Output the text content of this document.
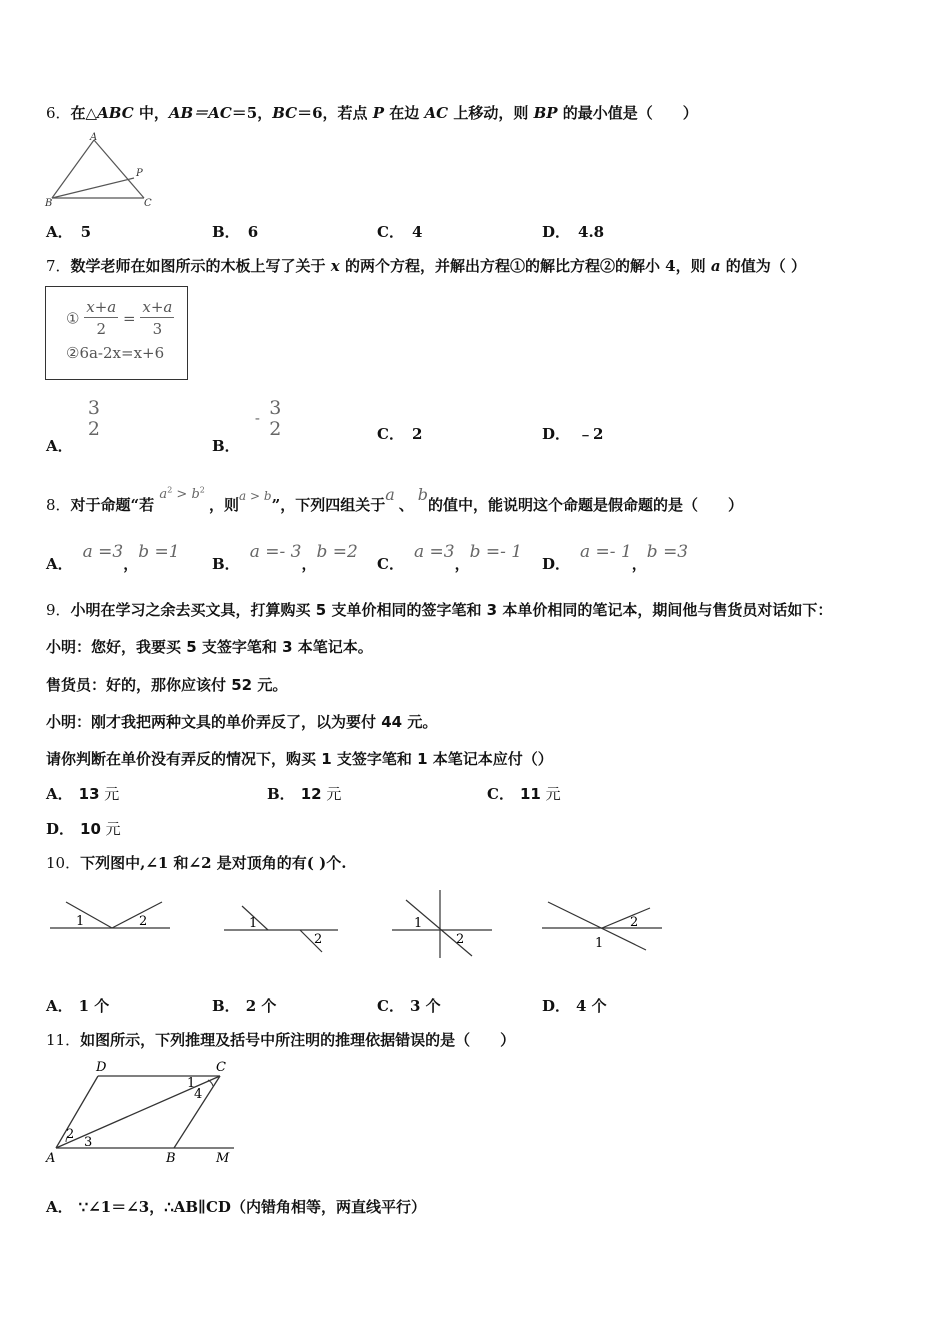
6．在△ABC 中，AB＝AC＝5，BC＝6，若点 P 在边 AC 上移动，则 BP 的最小值是（　　）
A
B
P
C
A． 5	B． 6	C． 4	D． 4.8
7．数学老师在如图所示的木板上写了关于 x 的两个方程，并解出方程①的解比方程②的解小 4，则 a 的值为（ ）
① $\frac{x+a}{2} = \frac{x+a}{3}$
②6a-2x=x+6
A．
3
2
B． - 3
2	C． 2	D． ﹣2
8．对于命题“若 $a^2 > b^2$ ，则$^{a > b}$”，下列四组关于a、b的值中，能说明这个命题是假命题的是（　　）
A．a =3，b =1
B．a =- 3，b =2
C．a =3，b =- 1
D．a =- 1，b =3
9．小明在学习之余去买文具，打算购买 5 支单价相同的签字笔和 3 本单价相同的笔记本，期间他与售货员对话如下：
小明：您好，我要买 5 支签字笔和 3 本笔记本。
售货员：好的，那你应该付 52 元。
小明：刚才我把两种文具的单价弄反了，以为要付 44 元。
请你判断在单价没有弄反的情况下，购买 1 支签字笔和 1 本笔记本应付（）
A． 13 元	B． 12 元	C． 11 元
D． 10 元
10．下列图中,∠1 和∠2 是对顶角的有( )个.
1	2	1
2
1
2
2
1
A． 1 个	B． 2 个	C． 3 个	D． 4 个
11．如图所示，下列推理及括号中所注明的推理依据错误的是（　　）
D	C
A	B	M
1
2
3
4
A． ∵∠1＝∠3，∴AB∥CD（内错角相等，两直线平行）
